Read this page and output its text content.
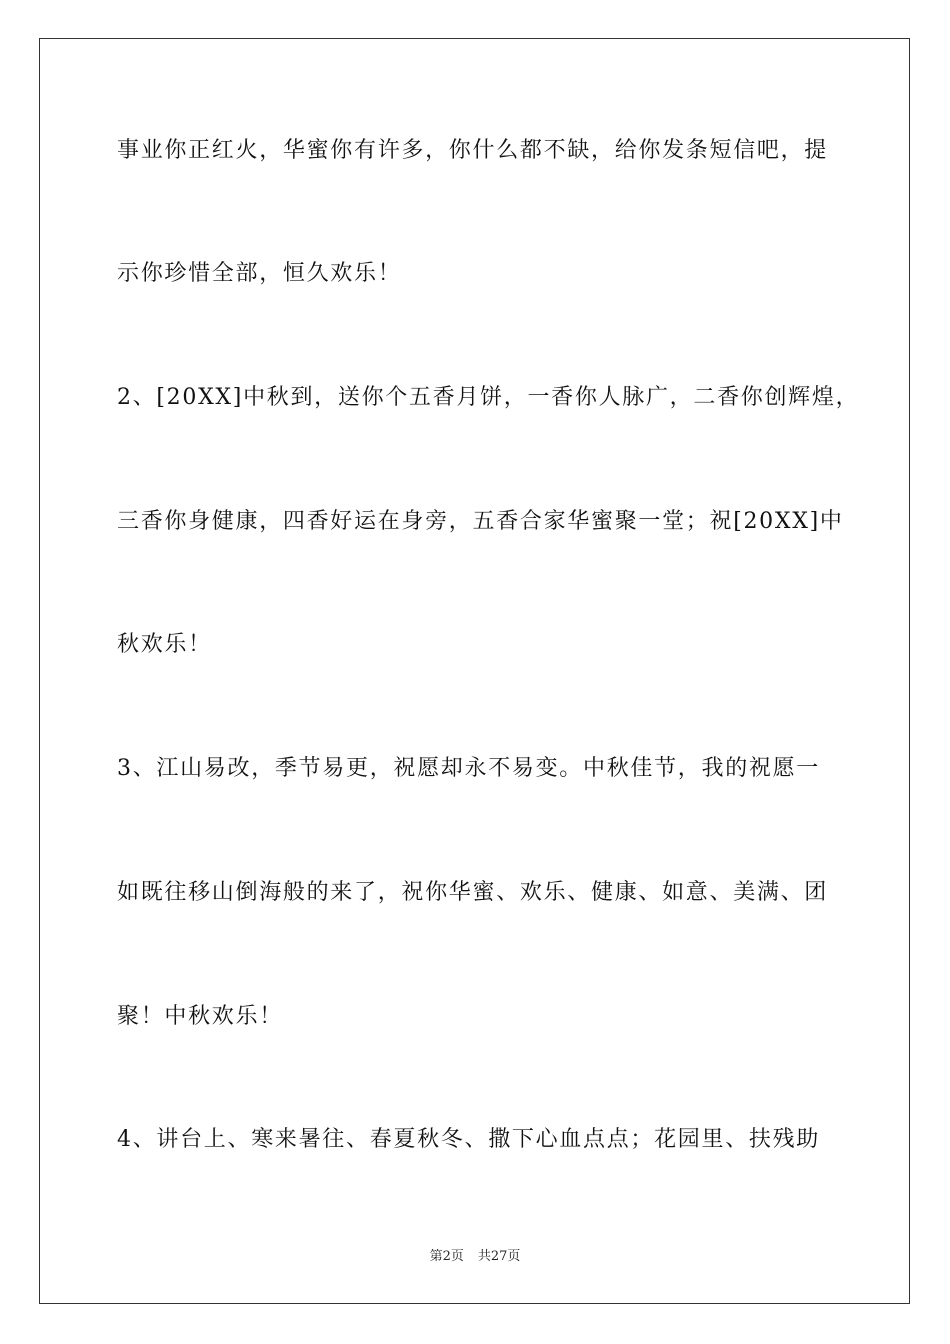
事业你正红火，华蜜你有许多，你什么都不缺，给你发条短信吧，提
示你珍惜全部，恒久欢乐！
2、[20XX]中秋到，送你个五香月饼，一香你人脉广，二香你创辉煌，
三香你身健康，四香好运在身旁，五香合家华蜜聚一堂；祝[20XX]中
秋欢乐！
3、江山易改，季节易更，祝愿却永不易变。中秋佳节，我的祝愿一
如既往移山倒海般的来了，祝你华蜜、欢乐、健康、如意、美满、团
聚！中秋欢乐！
4、讲台上、寒来暑往、春夏秋冬、撒下心血点点；花园里、扶残助
第2页 共27页
